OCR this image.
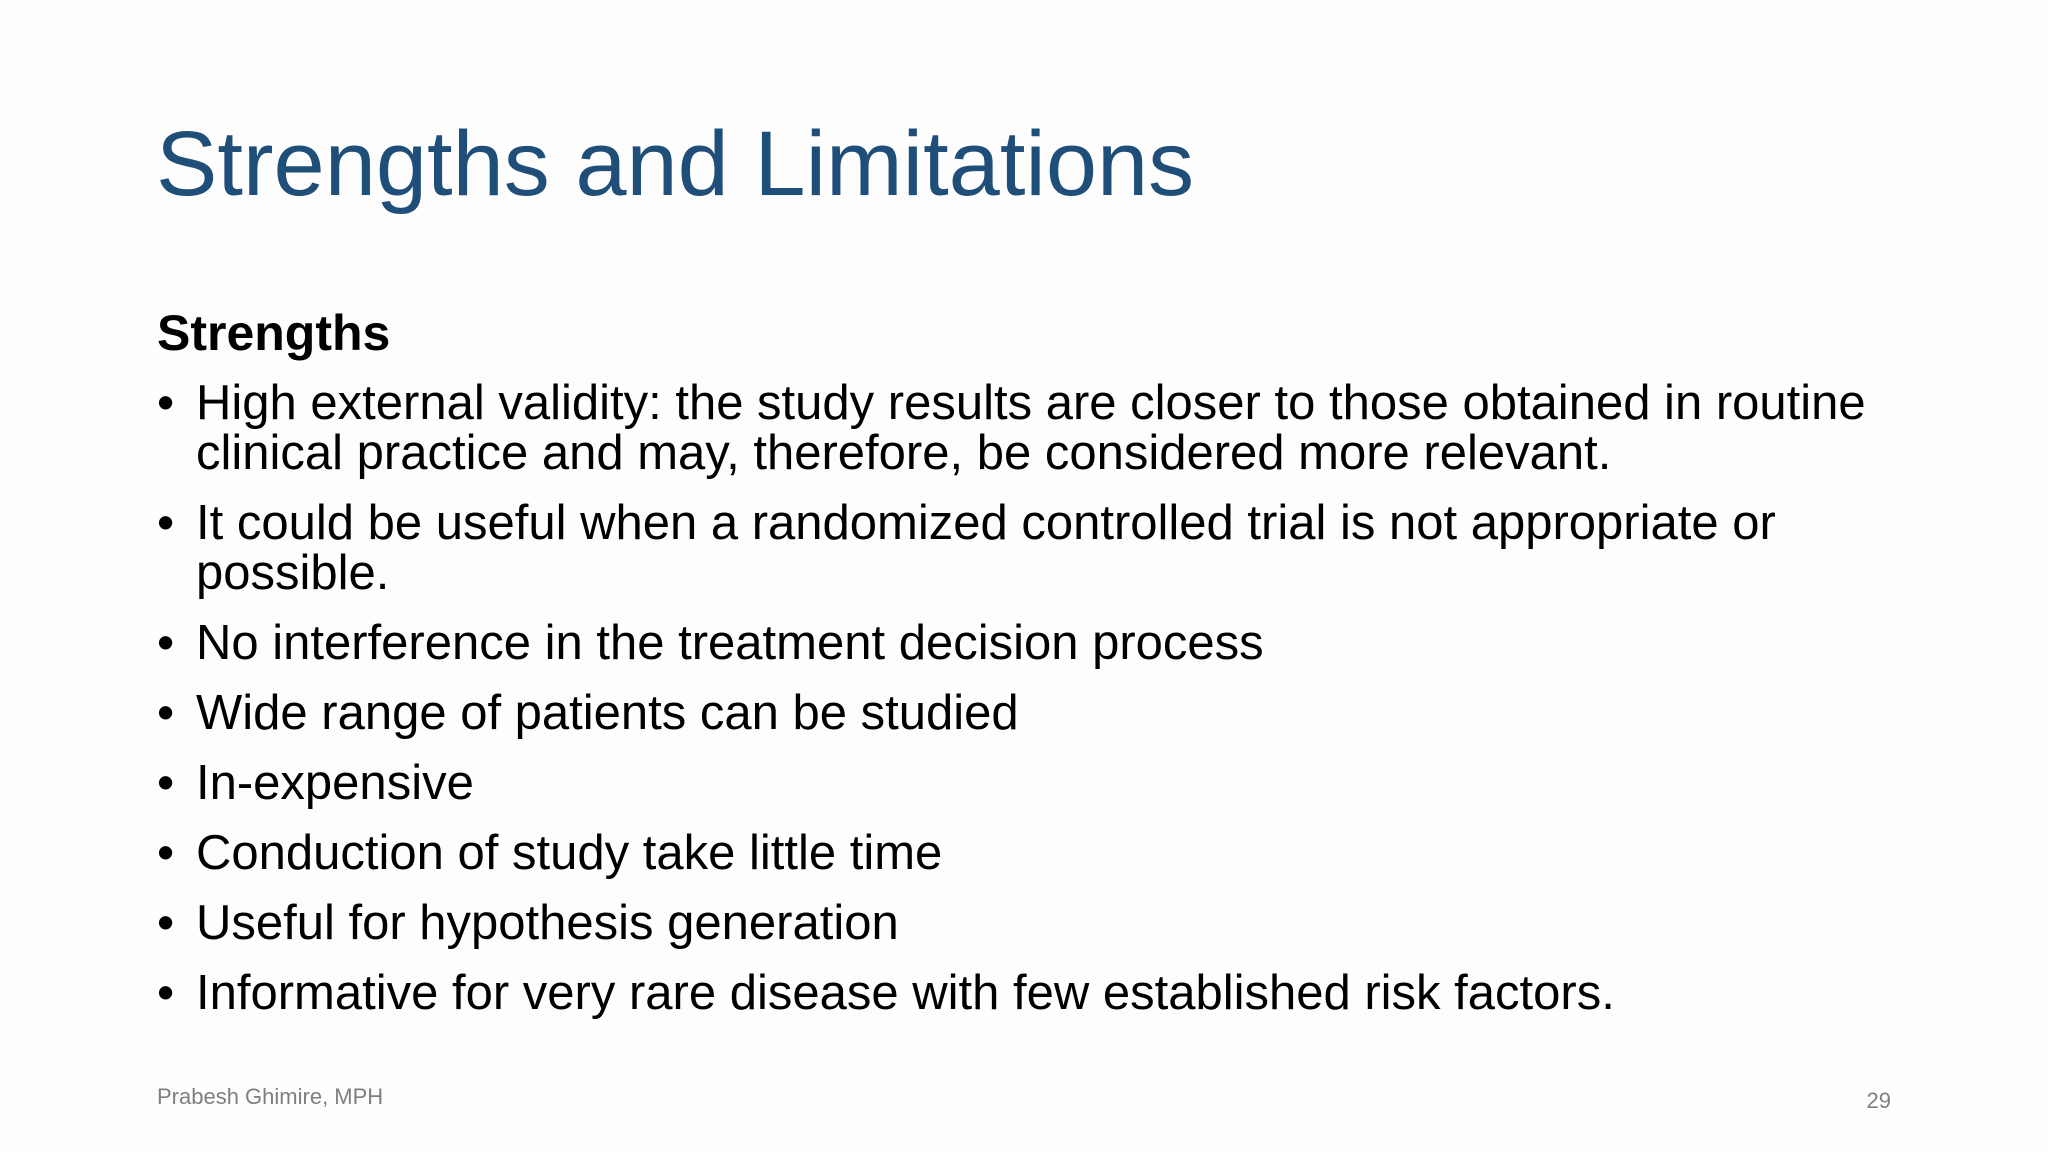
Strengths and Limitations
Strengths
• High external validity: the study results are closer to those obtained in routine clinical practice and may, therefore, be considered more relevant.
• It could be useful when a randomized controlled trial is not appropriate or possible.
• No interference in the treatment decision process
• Wide range of patients can be studied
• In-expensive
• Conduction of study take little time
• Useful for hypothesis generation
• Informative for very rare disease with few established risk factors.
Prabesh Ghimire, MPH	29
